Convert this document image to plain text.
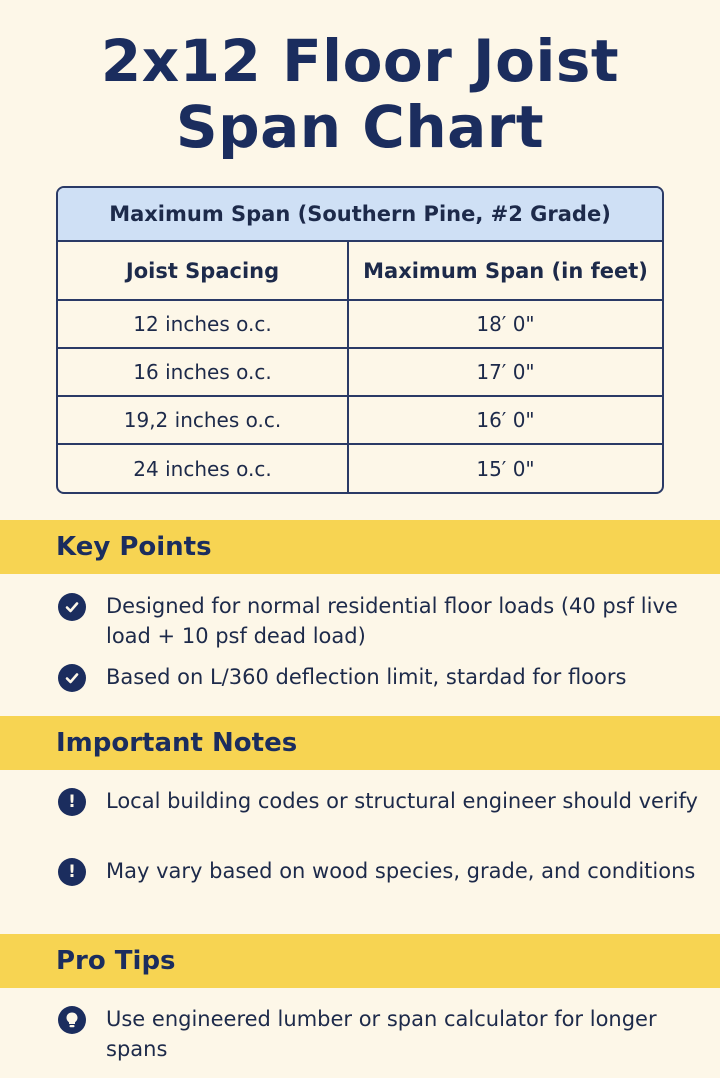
2x12 Floor Joist
Span Chart
Maximum Span (Southern Pine, #2 Grade)
Joist Spacing	Maximum Span (in feet)
12 inches o.c.	18′ 0"
16 inches o.c.	17′ 0"
19,2 inches o.c.	16′ 0"
24 inches o.c.	15′ 0"
Key Points
Designed for normal residential floor loads (40 psf live load + 10 psf dead load)
Based on L/360 deflection limit, stardad for floors
Important Notes
!	Local building codes or structural engineer should verify
!	May vary based on wood species, grade, and conditions
Pro Tips
Use engineered lumber or span calculator for longer spans
